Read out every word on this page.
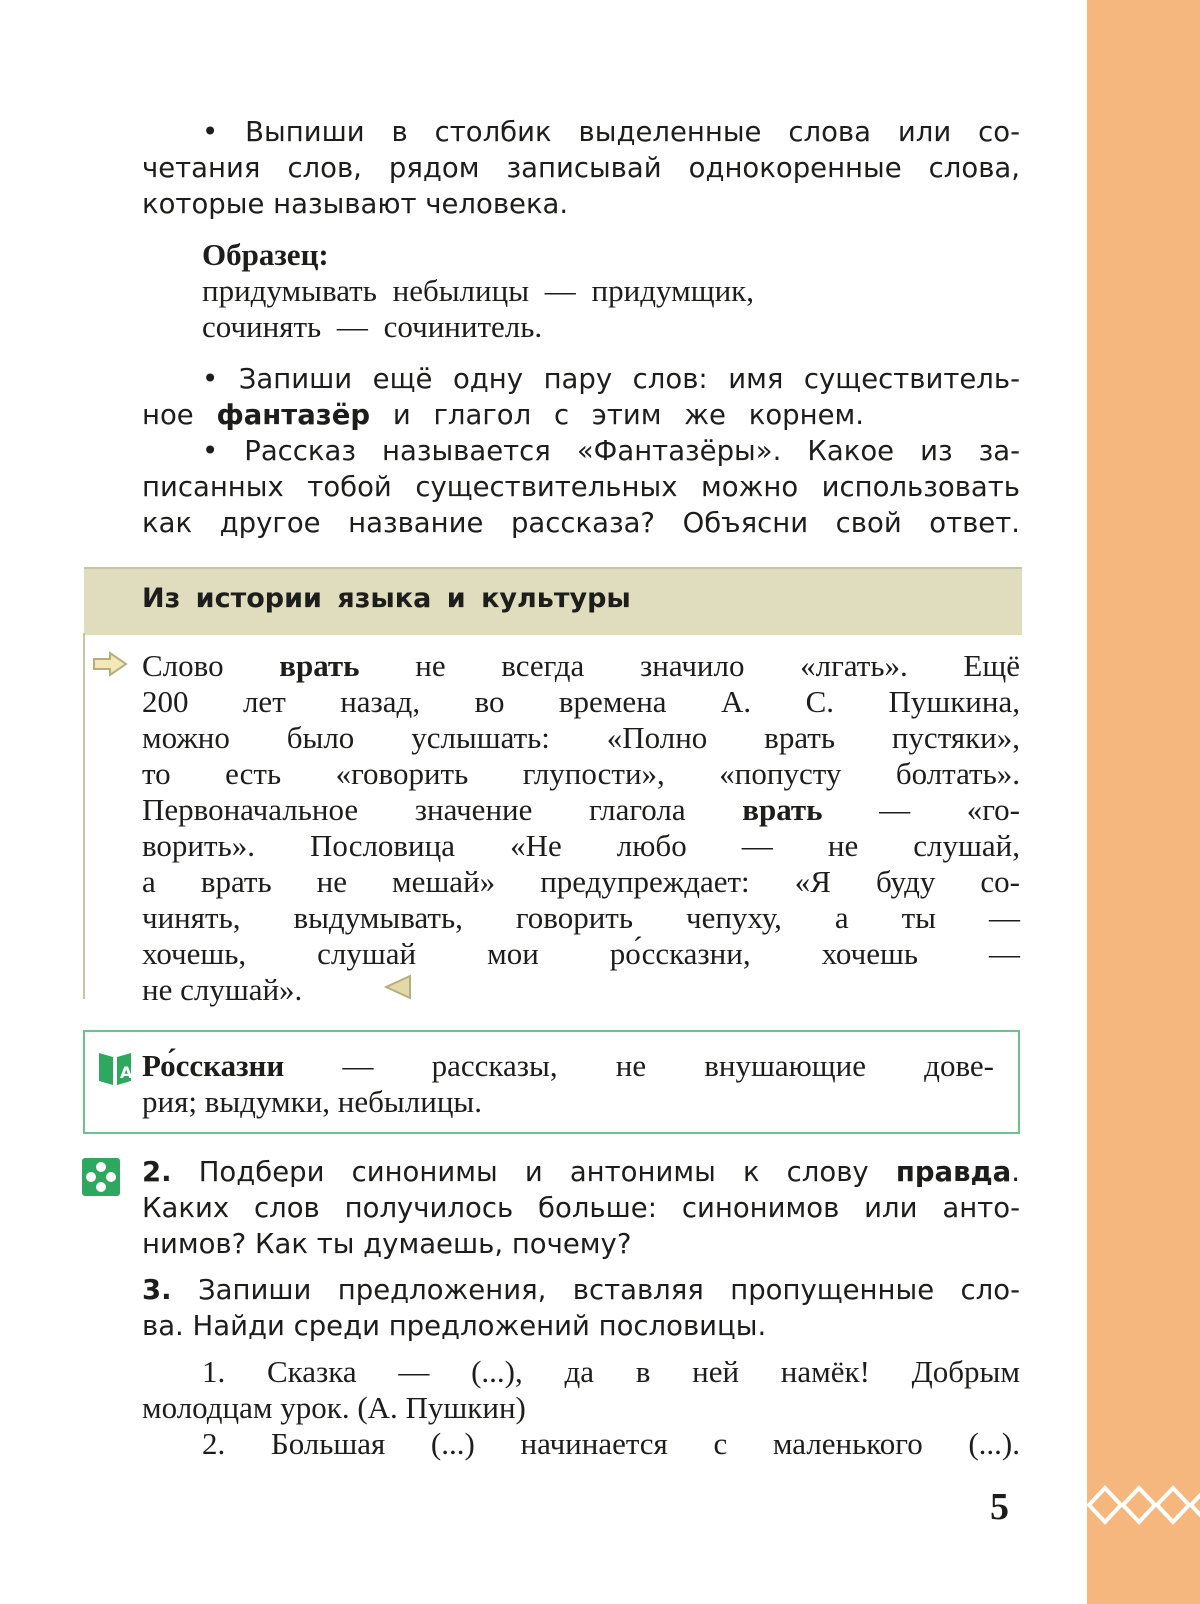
• Выпиши в столбик выделенные слова или со-
четания слов, рядом записывай однокоренные слова,
которые называют человека.
Образец:
придумывать небылицы — придумщик,
сочинять — сочинитель.
• Запиши ещё одну пару слов: имя существитель-
ное фантазёр и глагол с этим же корнем.
• Рассказ называется «Фантазёры». Какое из за-
писанных тобой существительных можно использовать
как другое название рассказа? Объясни свой ответ.
Из истории языка и культуры
Слово врать не всегда значило «лгать». Ещё
200 лет назад, во времена А. С. Пушкина,
можно было услышать: «Полно врать пустяки»,
то есть «говорить глупости», «попусту болтать».
Первоначальное значение глагола врать — «го-
ворить». Пословица «Не любо — не слушай,
а врать не мешай» предупреждает: «Я буду со-
чинять, выдумывать, говорить чепуху, а ты —
хочешь, слушай мои ро́ссказни, хочешь —
не слушай».
A Ро́ссказни — рассказы, не внушающие дове-
рия; выдумки, небылицы.
2. Подбери синонимы и антонимы к слову правда.
Каких слов получилось больше: синонимов или анто-
нимов? Как ты думаешь, почему?
3. Запиши предложения, вставляя пропущенные сло-
ва. Найди среди предложений пословицы.
1. Сказка — (...), да в ней намёк! Добрым
молодцам урок. (А. Пушкин)
2. Большая (...) начинается с маленького (...).
5
